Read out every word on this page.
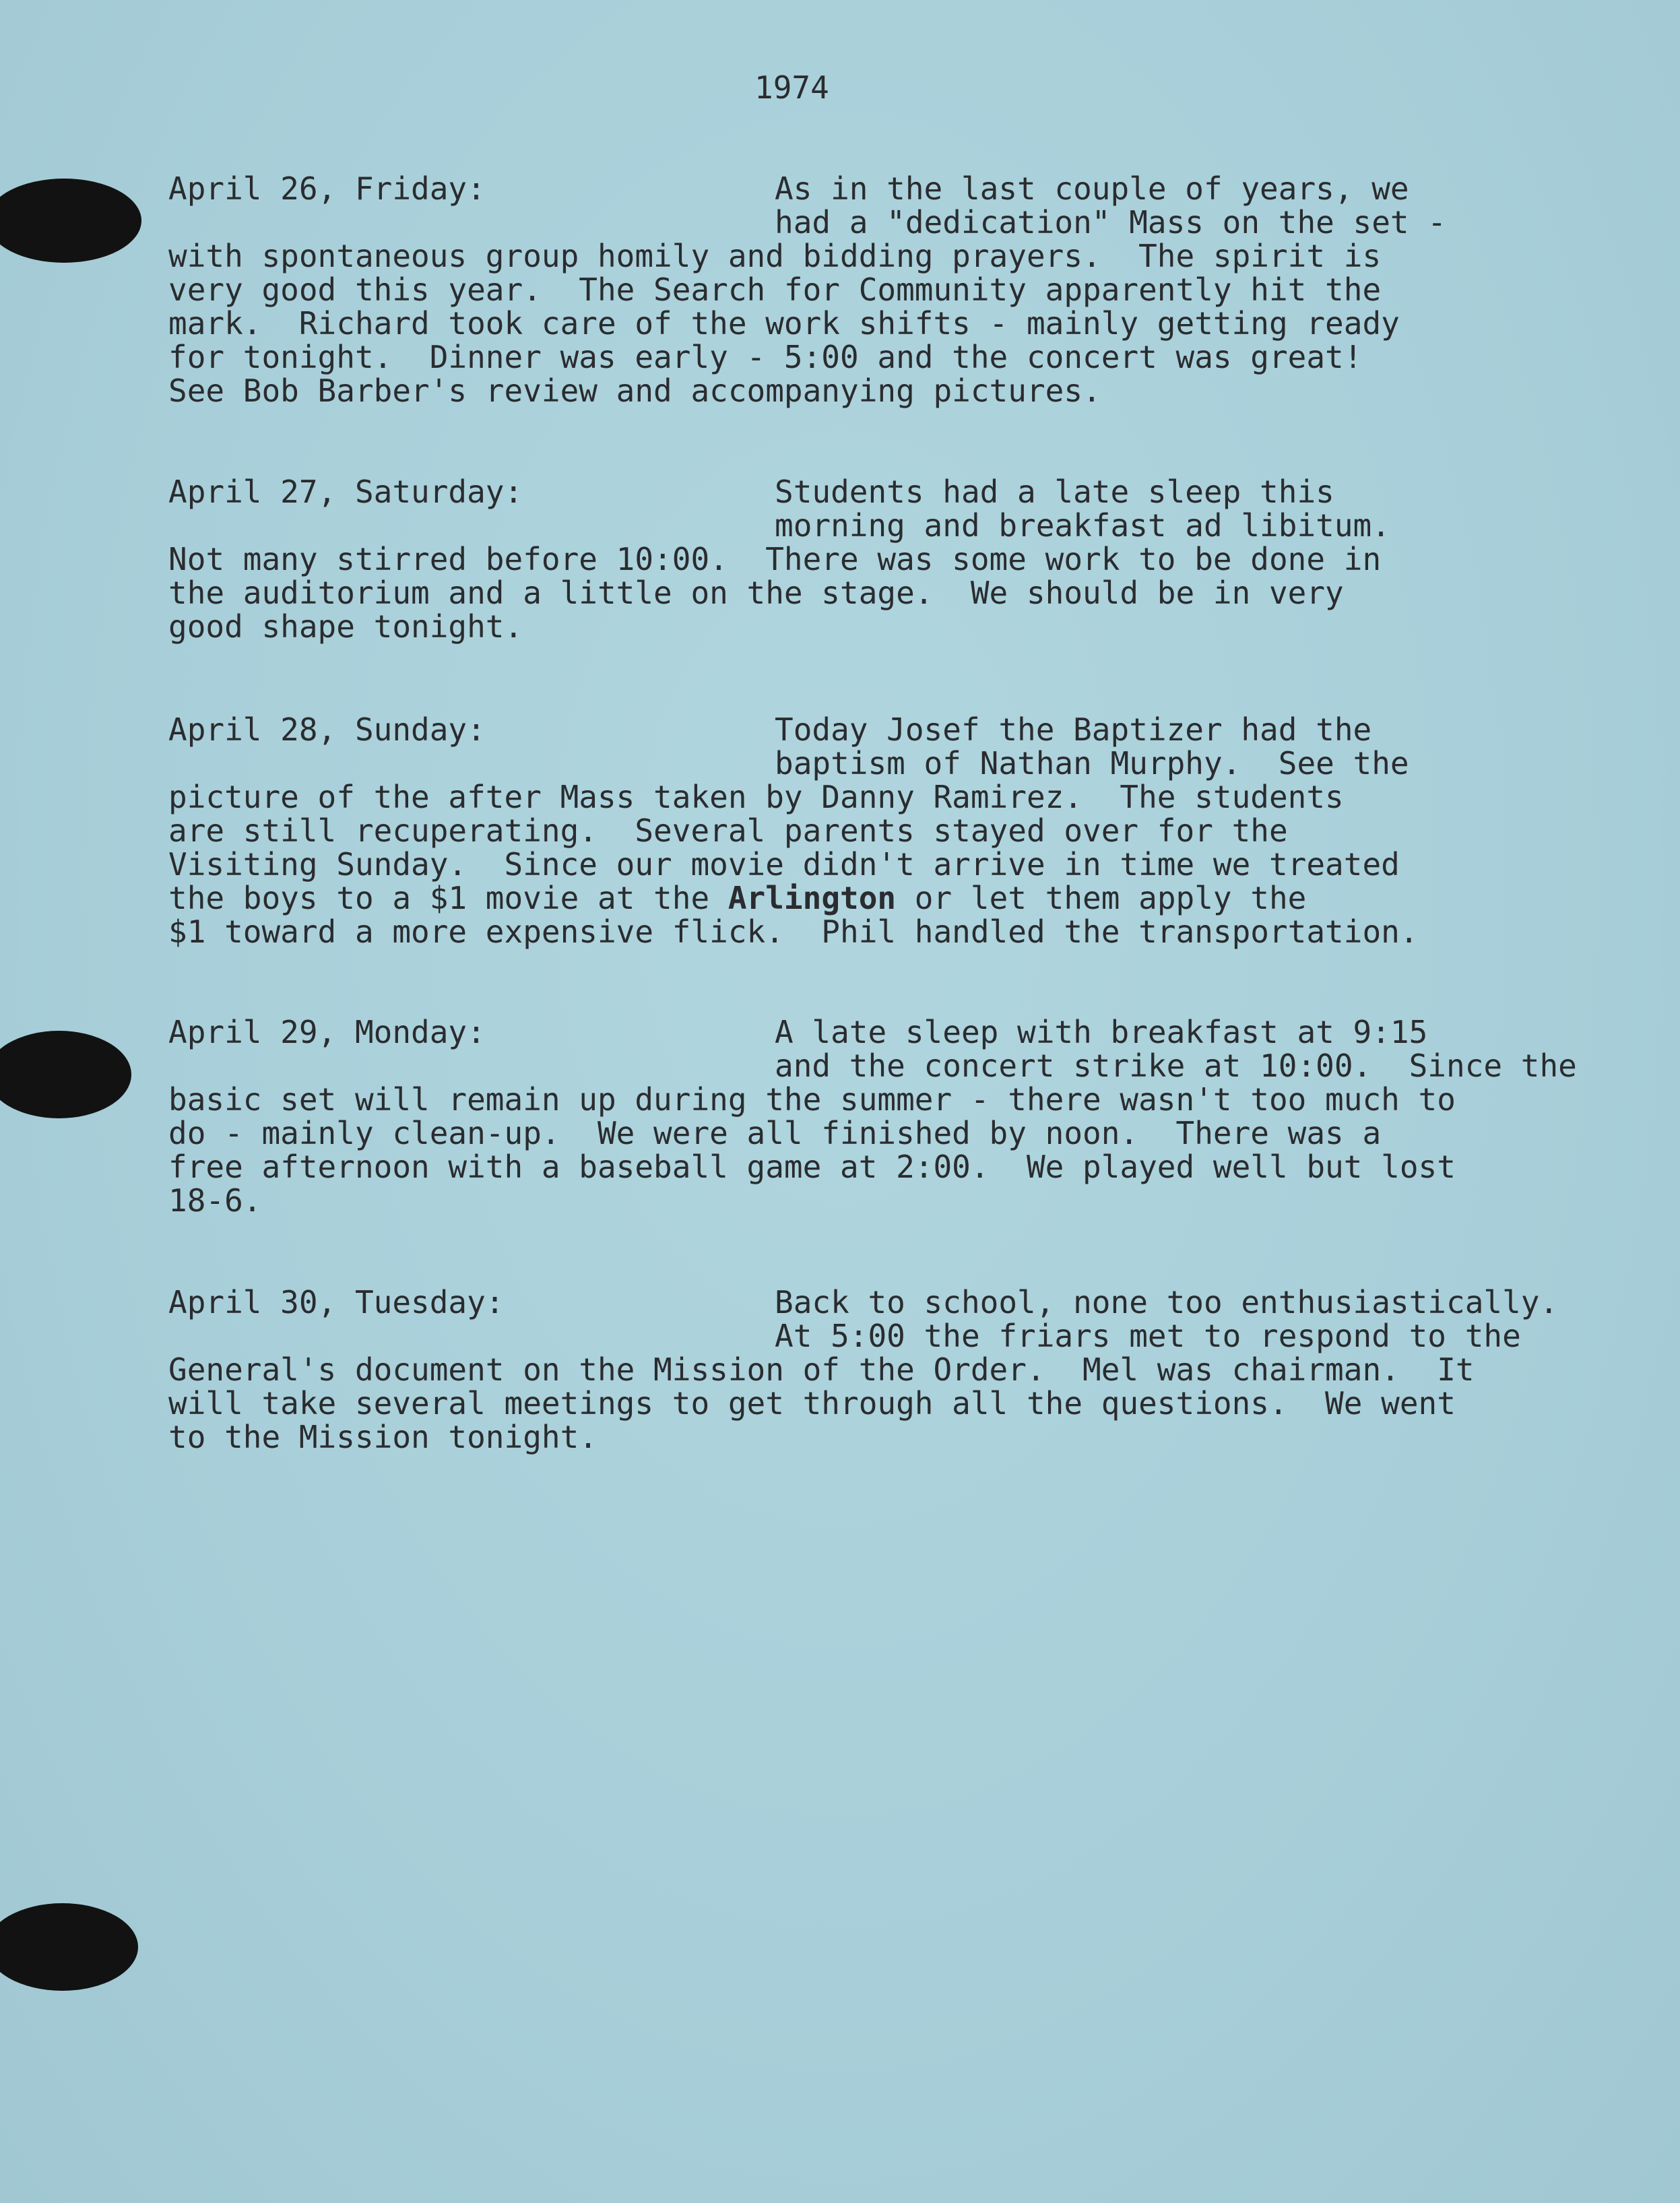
1974
April 26, Friday:	As in the last couple of years, we
had a "dedication" Mass on the set -
with spontaneous group homily and bidding prayers.  The spirit is
very good this year.  The Search for Community apparently hit the
mark.  Richard took care of the work shifts - mainly getting ready
for tonight.  Dinner was early - 5:00 and the concert was great!
See Bob Barber's review and accompanying pictures.
April 27, Saturday:	Students had a late sleep this
morning and breakfast ad libitum.
Not many stirred before 10:00.  There was some work to be done in
the auditorium and a little on the stage.  We should be in very
good shape tonight.
April 28, Sunday:	Today Josef the Baptizer had the
baptism of Nathan Murphy.  See the
picture of the after Mass taken by Danny Ramirez.  The students
are still recuperating.  Several parents stayed over for the
Visiting Sunday.  Since our movie didn't arrive in time we treated
the boys to a $1 movie at the Arlington or let them apply the
$1 toward a more expensive flick.  Phil handled the transportation.
April 29, Monday:	A late sleep with breakfast at 9:15
and the concert strike at 10:00.  Since the
basic set will remain up during the summer - there wasn't too much to
do - mainly clean-up.  We were all finished by noon.  There was a
free afternoon with a baseball game at 2:00.  We played well but lost
18-6.
April 30, Tuesday:	Back to school, none too enthusiastically.
At 5:00 the friars met to respond to the
General's document on the Mission of the Order.  Mel was chairman.  It
will take several meetings to get through all the questions.  We went
to the Mission tonight.
